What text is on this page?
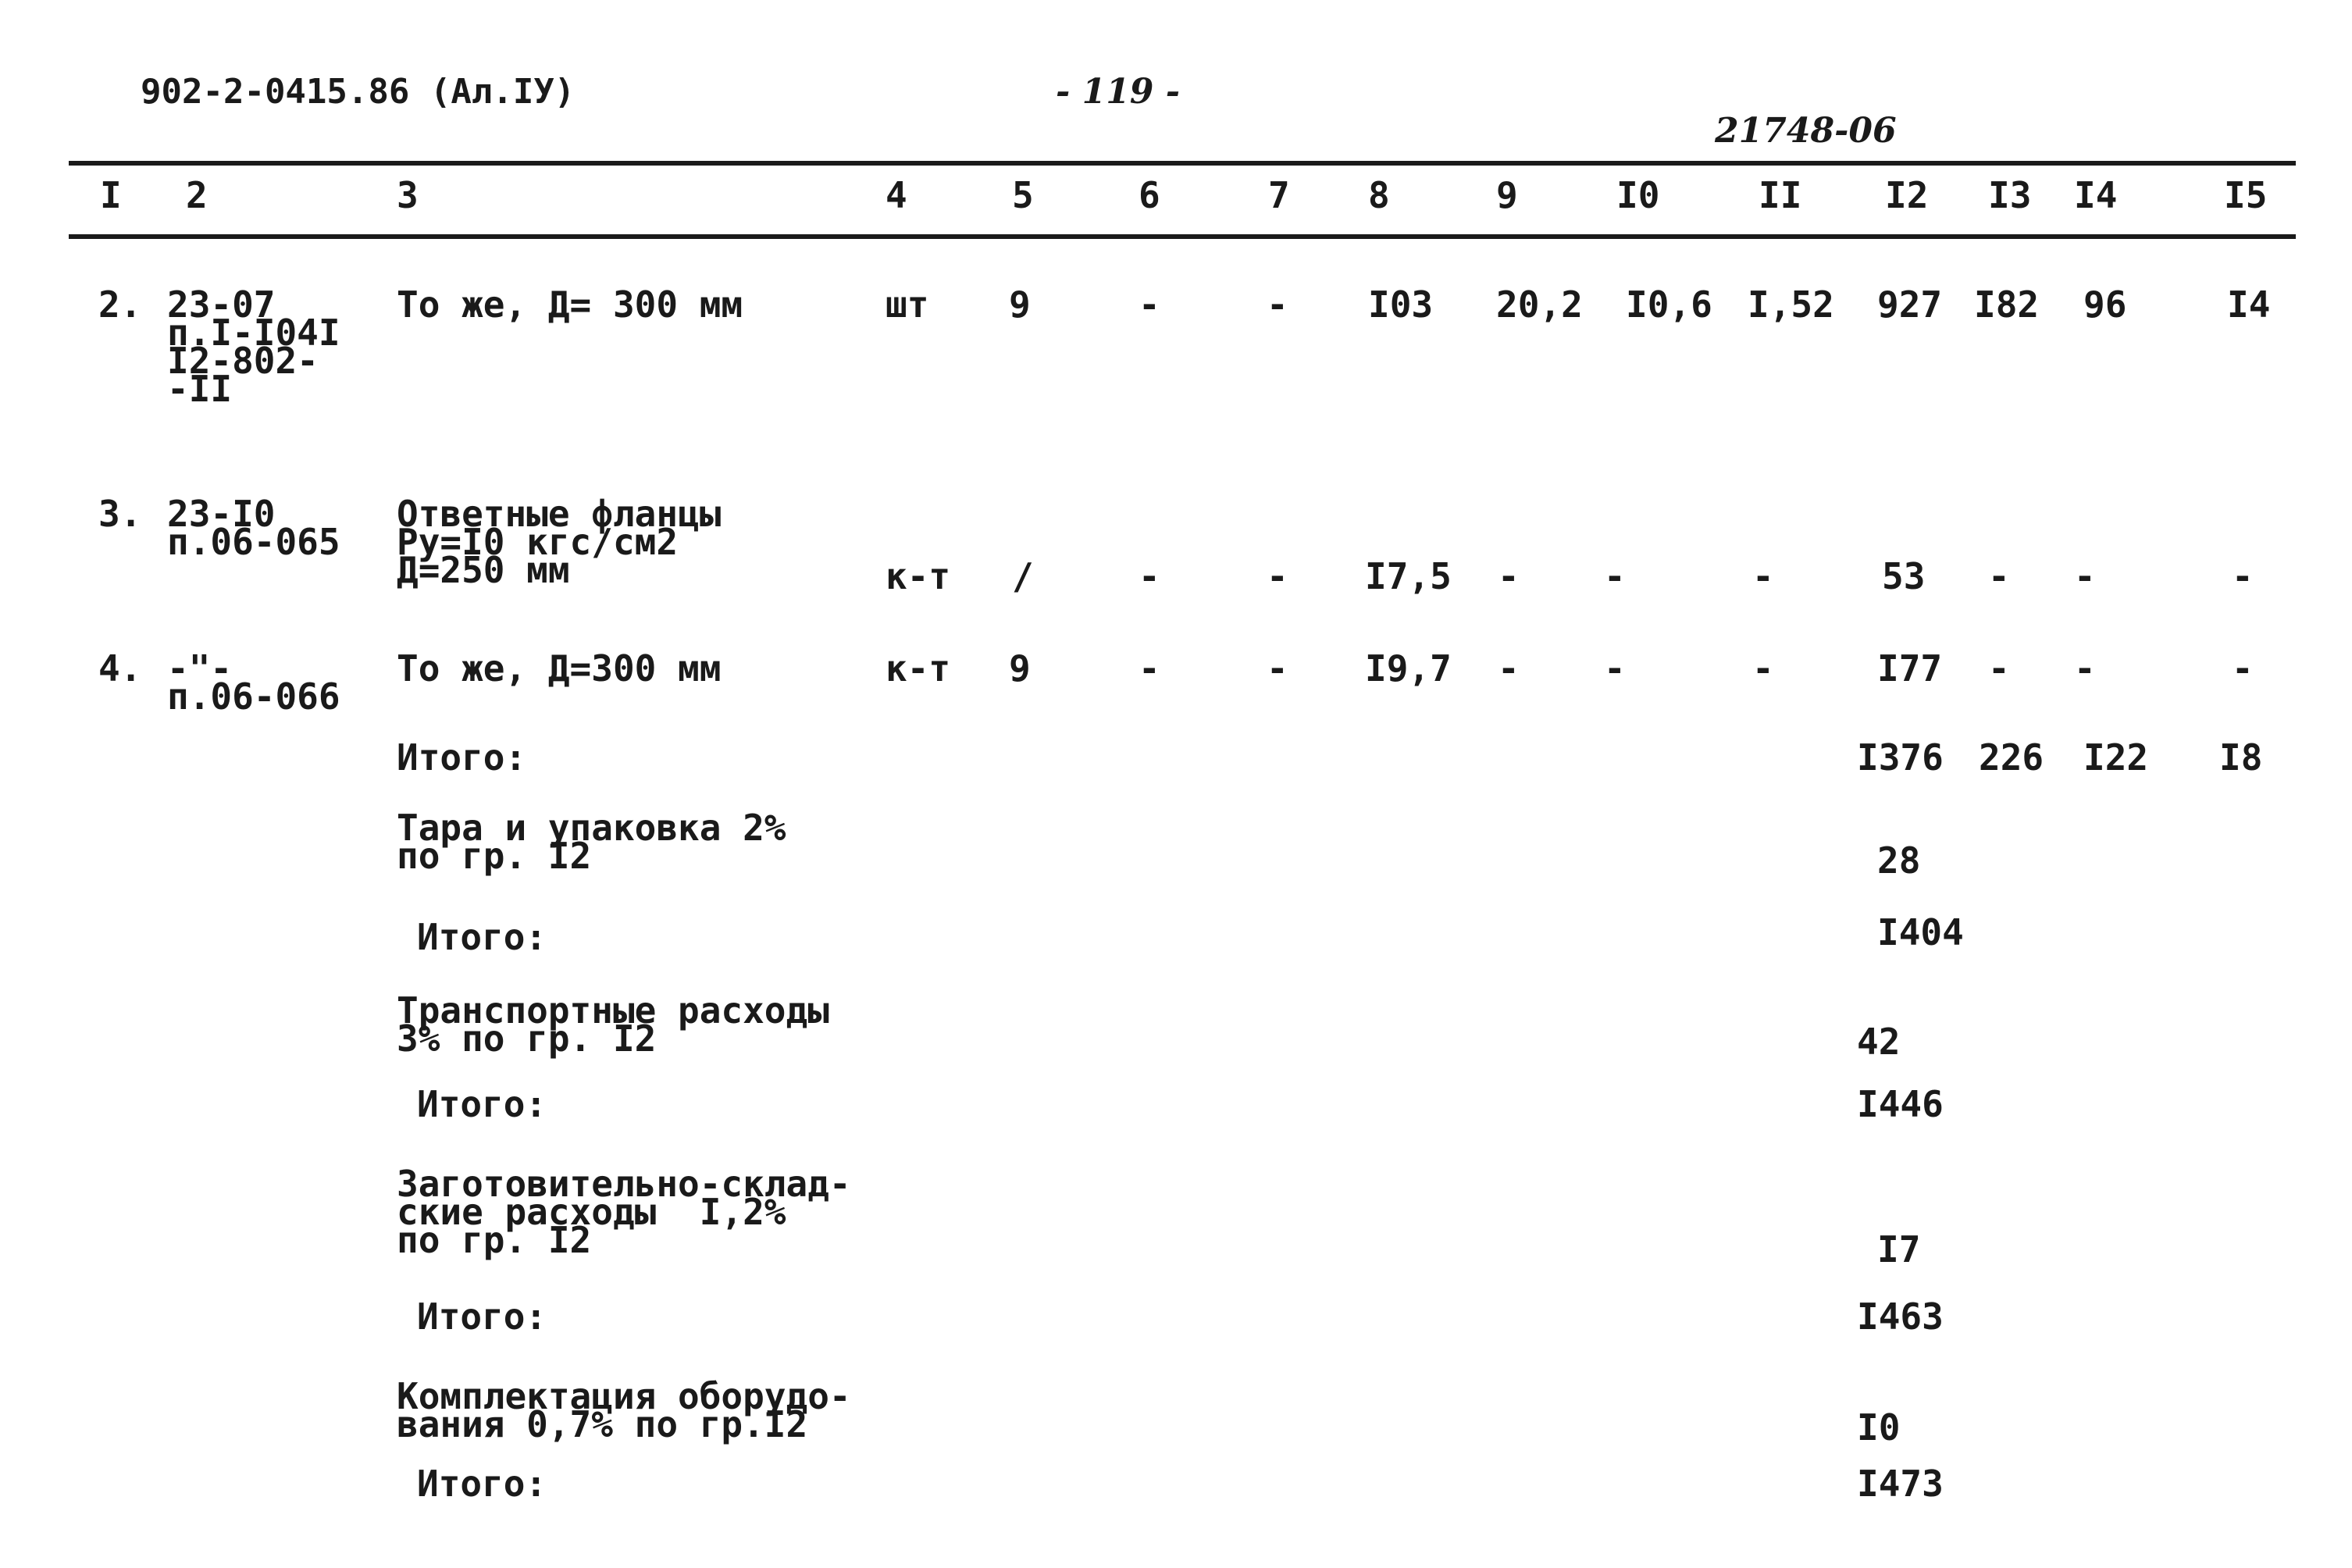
902-2-0415.86 (Ал.IУ)	- 119 -
21748-06
I 2	3	4	5	6	7 8	9	I0	II I2 I3 I4	I5
2. 23-07
п.I-I04I
I2-802-
-II
То же, Д= 300 мм	шт 9	-	- I03 20,2 I0,6 I,52 927 I82 96	I4
3. 23-I0
п.06-065
Ответные фланцы
Ру=I0 кгс/см2
Д=250 мм	к-т /	-	- I7,5 - -	-	53 - -	-
4. -"-
п.06-066
То же, Д=300 мм	к-т 9	-	- I9,7 - -	-	I77 - -	-
Итого:	I376 226 I22 I8
Тара и упаковка 2%
по гр. I2	28
Итого:	I404
Транспортные расходы
3% по гр. I2	42
Итого:	I446
Заготовительно-склад-
ские расходы  I,2%
по гр. I2	I7
Итого:	I463
Комплектация оборудо-
вания 0,7% по гр.I2	I0
Итого:	I473
